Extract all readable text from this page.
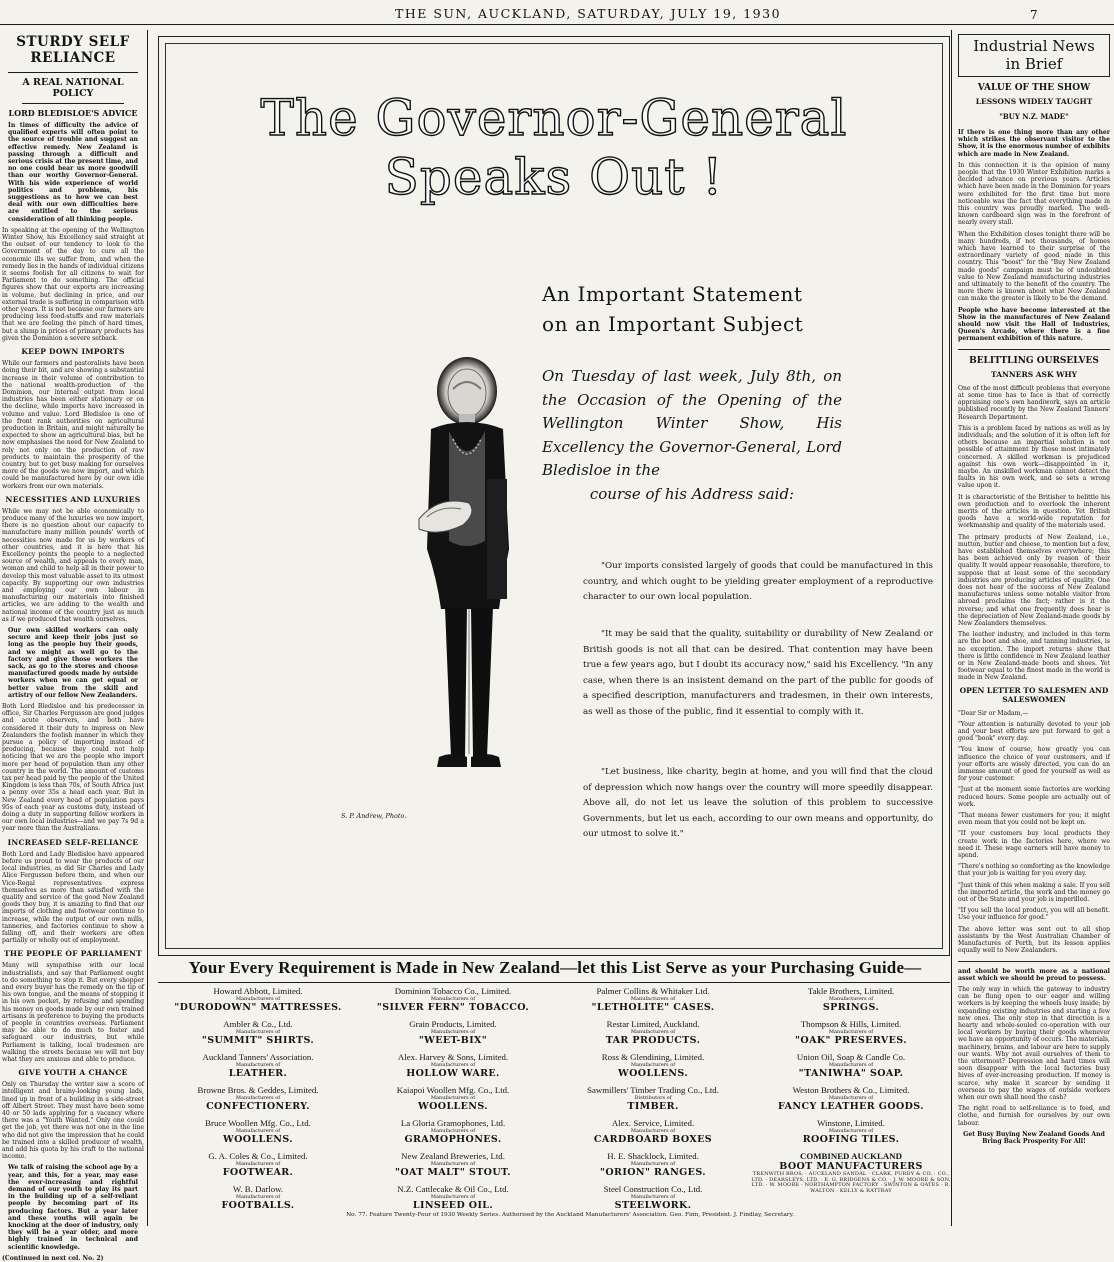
THE SUN, AUCKLAND, SATURDAY, JULY 19, 1930	7
STURDY SELF RELIANCE
A REAL NATIONAL POLICY
LORD BLEDISLOE'S ADVICE

In times of difficulty the advice of qualified experts will often point to the source of trouble and suggest an effective remedy. New Zealand is passing through a difficult and serious crisis at the present time, and no one could bear us more goodwill than our worthy Governor-General. With his wide experience of world politics and problems, his suggestions as to how we can best deal with our own difficulties here are entitled to the serious consideration of all thinking people.

In speaking at the opening of the Wellington Winter Show, his Excellency said straight at the outset of our tendency to look to the Government of the day to cure all the economic ills we suffer from, and when the remedy lies in the hands of individual citizens it seems foolish for all citizens to wait for Parliament to do something. The official figures show that our exports are increasing in volume, but declining in price, and our external trade is suffering in comparison with other years. It is not because our farmers are producing less food-stuffs and raw materials that we are feeling the pinch of hard times, but a slump in prices of primary products has given the Dominion a severe setback.

KEEP DOWN IMPORTS

While our farmers and pastoralists have been doing their bit, and are showing a substantial increase in their volume of contribution to the national wealth-production of the Dominion, our internal output from local industries has been either stationary or on the decline, while imports have increased in volume and value. Lord Bledisloe is one of the front rank authorities on agricultural production in Britain, and might naturally be expected to show an agricultural bias, but he now emphasises the need for New Zealand to rely not only on the production of raw products to maintain the prosperity of the country, but to get busy making for ourselves more of the goods we now import, and which could be manufactured here by our own idle workers from our own materials.

NECESSITIES AND LUXURIES

While we may not be able economically to produce many of the luxuries we now import, there is no question about our capacity to manufacture many million pounds' worth of necessities now made for us by workers of other countries, and it is here that his Excellency points the people to a neglected source of wealth, and appeals to every man, woman and child to help all in their power to develop this most valuable asset to its utmost capacity. By supporting our own industries and employing our own labour in manufacturing our materials into finished articles, we are adding to the wealth and national income of the country just as much as if we produced that wealth ourselves.

Our own skilled workers can only secure and keep their jobs just so long as the people buy their goods, and we might as well go to the factory and give those workers the sack, as go to the stores and choose manufactured goods made by outside workers when we can get equal or better value from the skill and artistry of our fellow New Zealanders.

Both Lord Bledisloe and his predecessor in office, Sir Charles Fergusson are good judges and acute observers, and both have considered it their duty to impress on New Zealanders the foolish manner in which they pursue a policy of importing instead of producing, because they could not help noticing that we are the people who import more per head of population than any other country in the world. The amount of customs tax per head paid by the people of the United Kingdom is less than 70s, of South Africa just a penny over 35s a head each year. But in New Zealand every head of population pays 95s of each year as customs duty, instead of doing a duty in supporting fellow workers in our own local industries—and we pay 7s 9d a year more than the Australians.

INCREASED SELF-RELIANCE

Both Lord and Lady Bledisloe have appeared before us proud to wear the products of our local industries, as did Sir Charles and Lady Alice Fergusson before them, and when our Vice-Regal representatives express themselves as more than satisfied with the quality and service of the good New Zealand goods they buy, it is amazing to find that our imports of clothing and footwear continue to increase, while the output of our own mills, tanneries, and factories continue to show a falling off, and their workers are often partially or wholly out of employment.

THE PEOPLE OF PARLIAMENT

Many will sympathise with our local industrialists, and say that Parliament ought to do something to stop it. But every shopper and every buyer has the remedy on the tip of his own tongue, and the means of stopping it in his own pocket, by refusing and spending his money on goods made by our own trained artisans in preference to buying the products of people in countries overseas. Parliament may be able to do much to foster and safeguard our industries, but while Parliament is talking, local tradesmen are walking the streets because we will not buy what they are anxious and able to produce.

GIVE YOUTH A CHANCE

Only on Thursday the writer saw a score of intelligent and brainy-looking young lads, lined up in front of a building in a side-street off Albert Street. They must have been some 40 or 50 lads applying for a vacancy where there was a "Youth Wanted." Only one could get the job, yet there was not one in the line who did not give the impression that he could be trained into a skilled producer of wealth, and add his quota by his craft to the national income.

We talk of raising the school age by a year, and this, for a year, may ease the ever-increasing and rightful demand of our youth to play its part in the building up of a self-reliant people by becoming part of its producing factors. But a year later and these youths will again be knocking at the door of industry, only they will be a year older, and more highly trained in technical and scientific knowledge.

(Continued in next col. No. 2)

The Governor-General
Speaks Out !
An Important Statement
on an Important Subject
On Tuesday of last week, July 8th, on the Occasion of the Opening of the Wellington Winter Show, His Excellency the Governor-General, Lord Bledisloe in the
course of his Address said:
S. P. Andrew, Photo.

"Our imports consisted largely of goods that could be manufactured in this country, and which ought to be yielding greater employment of a reproductive character to our own local population.

"It may be said that the quality, suitability or durability of New Zealand or British goods is not all that can be desired. That contention may have been true a few years ago, but I doubt its accuracy now," said his Excellency. "In any case, when there is an insistent demand on the part of the public for goods of a specified description, manufacturers and tradesmen, in their own interests, as well as those of the public, find it essential to comply with it.

"Let business, like charity, begin at home, and you will find that the cloud of depression which now hangs over the country will more speedily disappear. Above all, do not let us leave the solution of this problem to successive Governments, but let us each, according to our own means and opportunity, do our utmost to solve it."

Your Every Requirement is Made in New Zealand—let this List Serve as your Purchasing Guide—
Howard Abbott, Limited.
Manufacturers of
"DURODOWN" MATTRESSES.
Ambler & Co., Ltd.
Manufacturers of
"SUMMIT" SHIRTS.
Auckland Tanners' Association.
Manufacturers of
LEATHER.
Browne Bros. & Geddes, Limited.
Manufacturers of
CONFECTIONERY.
Bruce Woollen Mfg. Co., Ltd.
Manufacturers of
WOOLLENS.
G. A. Coles & Co., Limited.
Manufacturers of
FOOTWEAR.
W. B. Darlow.
Manufacturers of
FOOTBALLS.
Dominion Tobacco Co., Limited.
Manufacturers of
"SILVER FERN" TOBACCO.
Grain Products, Limited.
Manufacturers of
"WEET-BIX"
Alex. Harvey & Sons, Limited.
Manufacturers of
HOLLOW WARE.
Kaiapoi Woollen Mfg. Co., Ltd.
Manufacturers of
WOOLLENS.
La Gloria Gramophones, Ltd.
Manufacturers of
GRAMOPHONES.
New Zealand Breweries, Ltd.
Manufacturers of
"OAT MALT" STOUT.
N.Z. Cattlecake & Oil Co., Ltd.
Manufacturers of
LINSEED OIL.
Palmer Collins & Whitaker Ltd.
Manufacturers of
"LETHOLITE" CASES.
Restar Limited, Auckland.
Manufacturers of
TAR PRODUCTS.
Ross & Glendining, Limited.
Manufacturers of
WOOLLENS.
Sawmillers' Timber Trading Co., Ltd.
Distributors of
TIMBER.
Alex. Service, Limited.
Manufacturers of
CARDBOARD BOXES
H. E. Shacklock, Limited.
Manufacturers of
"ORION" RANGES.
Steel Construction Co., Ltd.
Manufacturers of
STEELWORK.
Takle Brothers, Limited.
Manufacturers of
SPRINGS.
Thompson & Hills, Limited.
Manufacturers of
"OAK" PRESERVES.
Union Oil, Soap & Candle Co.
Manufacturers of
"TANIWHA" SOAP.
Weston Brothers & Co., Limited.
Manufacturers of
FANCY LEATHER GOODS.
Winstone, Limited.
Manufacturers of
ROOFING TILES.
COMBINED AUCKLAND
BOOT MANUFACTURERS
TRENWITH BROS. · AUCKLAND SANDAL · CLARK, PURDY & CO. · CO., LTD. · DEARSLEYS, LTD. · E. G. BRIDGENS & CO. · J. W. MOORE & SON, LTD. · W. MOORE · NORTHAMPTON FACTORY · SWINTON & OATES · R. WALTON · KELLY & RATTRAY
No. 77. Feature Twenty-Four of 1930 Weekly Series. Authorised by the Auckland Manufacturers' Association. Geo. Finn, President. J. Findlay, Secretary.
Industrial News
in Brief
VALUE OF THE SHOW
LESSONS WIDELY TAUGHT
"BUY N.Z. MADE"

If there is one thing more than any other which strikes the observant visitor to the Show, it is the enormous number of exhibits which are made in New Zealand.

In this connection it is the opinion of many people that the 1930 Winter Exhibition marks a decided advance on previous years. Articles which have been made in the Dominion for years were exhibited for the first time but more noticeable was the fact that everything made in this country was proudly marked. The well-known cardboard sign was in the forefront of nearly every stall.

When the Exhibition closes tonight there will be many hundreds, if not thousands, of homes which have learned to their surprise of the extraordinary variety of good made in this country. This "boost" for the "Buy New Zealand made goods" campaign must be of undoubted value to New Zealand manufacturing industries and ultimately to the benefit of the country. The more there is known about what New Zealand can make the greater is likely to be the demand.

People who have become interested at the Show in the manufactures of New Zealand should now visit the Hall of Industries, Queen's Arcade, where there is a fine permanent exhibition of this nature.

BELITTLING OURSELVES
TANNERS ASK WHY

One of the most difficult problems that everyone at some time has to face is that of correctly appraising one's own handiwork, says an article published recently by the New Zealand Tanners' Research Department.

This is a problem faced by nations as well as by individuals; and the solution of it is often left for others because an impartial solution is not possible of attainment by those most intimately concerned. A skilled workman is prejudiced against his own work—disappointed in it, maybe. An unskilled workman cannot detect the faults in his own work, and so sets a wrong value upon it.

It is characteristic of the Britisher to belittle his own production and to overlook the inherent merits of the articles in question. Yet British goods have a world-wide reputation for workmanship and quality of the materials used.

The primary products of New Zealand, i.e., mutton, butter and cheese, to mention but a few, have established themselves everywhere; this has been achieved only by reason of their quality. It would appear reasonable, therefore, to suppose that at least some of the secondary industries are producing articles of quality. One does not hear of the success of New Zealand manufactures unless some notable visitor from abroad proclaims the fact; rather is it the reverse; and what one frequently does hear is the depreciation of New Zealand-made goods by New Zealanders themselves.

The leather industry, and included in this term are the boot and shoe, and tanning industries, is no exception. The import returns show that there is little confidence in New Zealand leather or in New Zealand-made boots and shoes. Yet footwear equal to the finest made in the world is made in New Zealand.

OPEN LETTER TO SALESMEN AND SALESWOMEN

"Dear Sir or Madam,—

"Your attention is naturally devoted to your job and your best efforts are put forward to get a good "book" every day.

"You know of course, how greatly you can influence the choice of your customers, and if your efforts are wisely directed, you can do an immense amount of good for yourself as well as for your customer.

"Just at the moment some factories are working reduced hours. Some people are actually out of work.

"That means fewer customers for you; it might even mean that you could not be kept on.

"If your customers buy local products they create work in the factories here, where we need it. These wage earners will have money to spend.

"There's nothing so comforting as the knowledge that your job is waiting for you every day.

"Just think of this when making a sale. If you sell the imported article, the work and the money go out of the State and your job is imperilled.

"If you sell the local product, you will all benefit. Use your influence for good."

The above letter was sent out to all shop assistants by the West Australian Chamber of Manufactures of Perth, but its lesson applies equally well to New Zealanders.

and should be worth more as a national asset which we should be proud to possess.

The only way in which the gateway to industry can be flung open to our eager and willing workers is by keeping the wheels busy inside; by expanding existing industries and starting a few new ones. The only step in that direction is a hearty and whole-souled co-operation with our local workers by buying their goods whenever we have an opportunity of occurs. The materials, machinery, brains, and labour are here to supply our wants. Why not avail ourselves of them to the uttermost? Depression and hard times will soon disappear with the local factories busy hives of ever-increasing production. If money is scarce, why make it scarcer by sending it overseas to pay the wages of outside workers when our own shall need the cash?

The right road to self-reliance is to feed, and clothe, and furnish for ourselves by our own labour.

Get Busy Buying New Zealand Goods And Bring Back Prosperity For All!
